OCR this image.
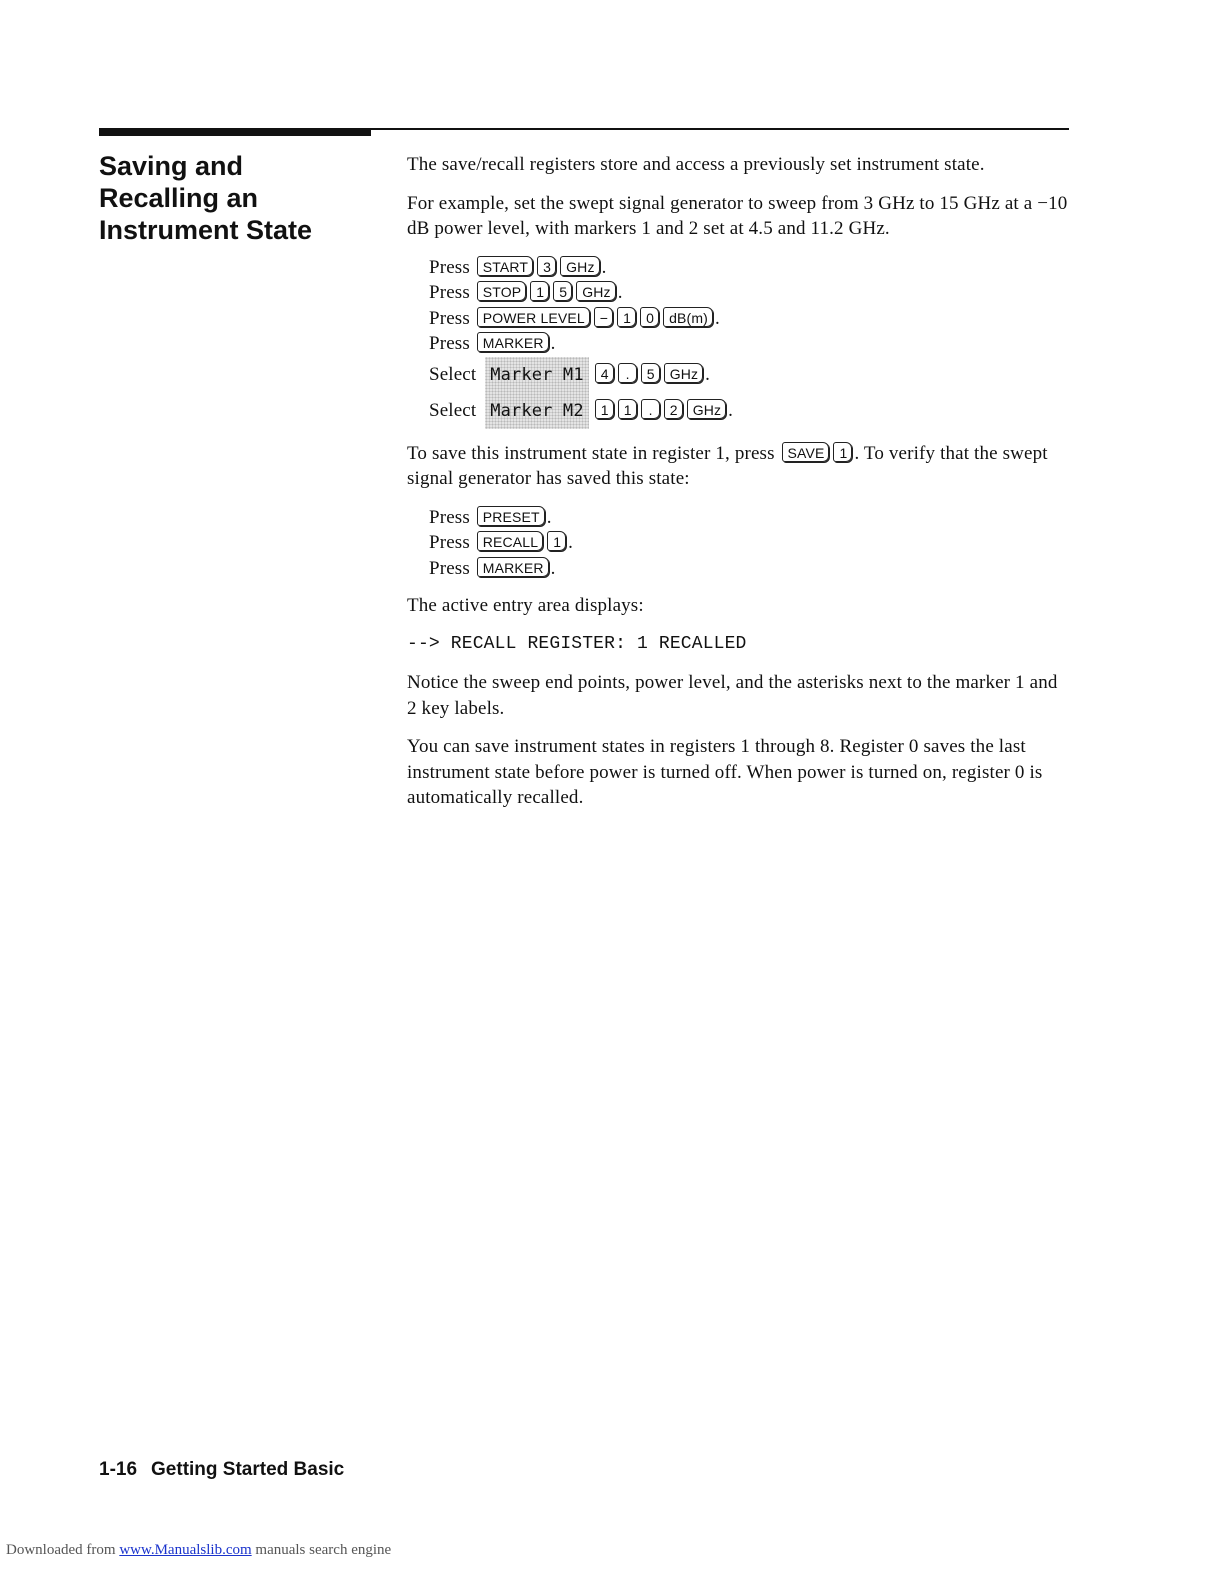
Saving and
Recalling an
Instrument State

The save/recall registers store and access a previously set instrument state.

For example, set the swept signal generator to sweep from 3 GHz to 15 GHz at a −10 dB power level, with markers 1 and 2 set at 4.5 and 11.2 GHz.

Press START 3 GHz .
Press STOP 1 5 GHz .
Press POWER LEVEL − 1 0 dB(m) .
Press MARKER .
Select Marker M1 4 . 5 GHz .
Select Marker M2 1 1 . 2 GHz .

To save this instrument state in register 1, press SAVE 1 . To verify that the swept signal generator has saved this state:

Press PRESET .
Press RECALL 1 .
Press MARKER .

The active entry area displays:

--> RECALL REGISTER: 1 RECALLED

Notice the sweep end points, power level, and the asterisks next to the marker 1 and 2 key labels.

You can save instrument states in registers 1 through 8. Register 0 saves the last instrument state before power is turned off. When power is turned on, register 0 is automatically recalled.

1-16 Getting Started Basic

Downloaded from www.Manualslib.com manuals search engine
